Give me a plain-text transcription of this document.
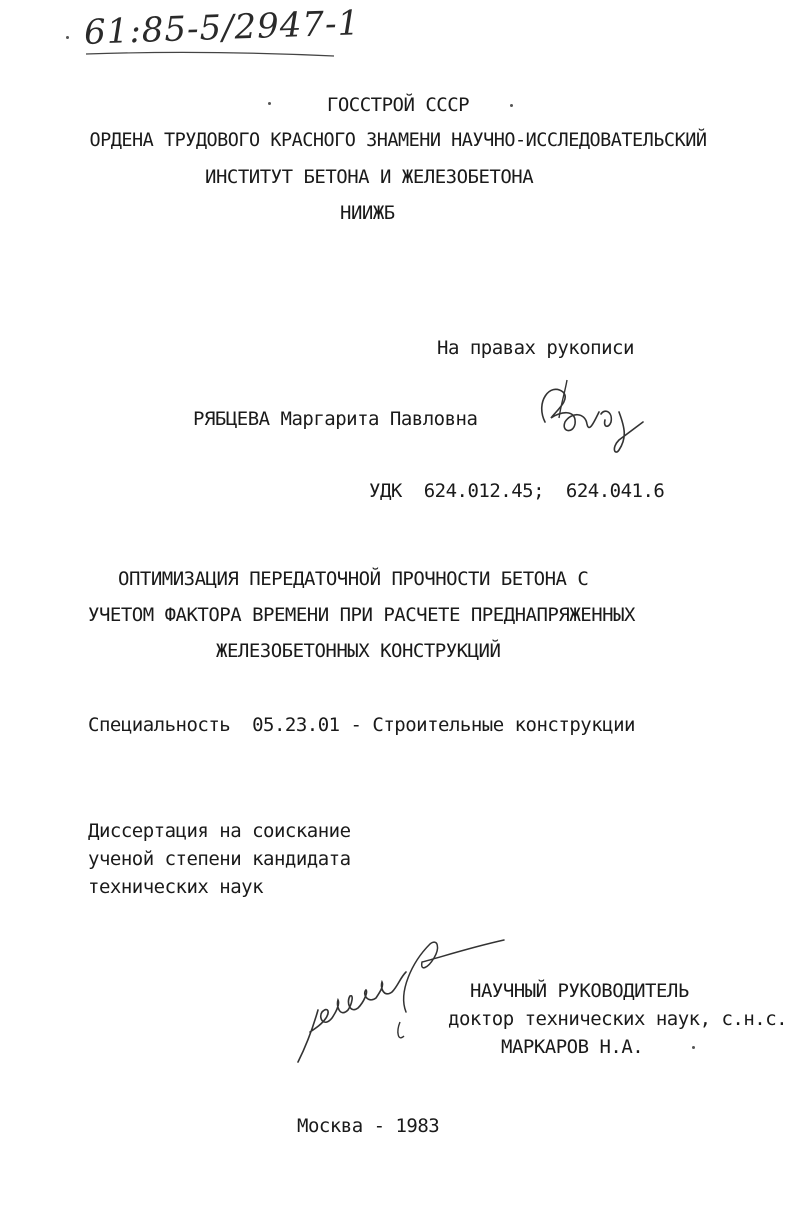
61:85-5/2947-1
ГОССТРОЙ СССР
ОРДЕНА ТРУДОВОГО КРАСНОГО ЗНАМЕНИ НАУЧНО-ИССЛЕДОВАТЕЛЬСКИЙ
ИНСТИТУТ БЕТОНА И ЖЕЛЕЗОБЕТОНА
НИИЖБ
На правах рукописи
РЯБЦЕВА Маргарита Павловна
УДК  624.012.45;  624.041.6
ОПТИМИЗАЦИЯ ПЕРЕДАТОЧНОЙ ПРОЧНОСТИ БЕТОНА С
УЧЕТОМ ФАКТОРА ВРЕМЕНИ ПРИ РАСЧЕТЕ ПРЕДНАПРЯЖЕННЫХ
ЖЕЛЕЗОБЕТОННЫХ КОНСТРУКЦИЙ
Специальность  05.23.01 - Строительные конструкции
Диссертация на соискание
ученой степени кандидата
технических наук
НАУЧНЫЙ РУКОВОДИТЕЛЬ
доктор технических наук, с.н.с.
МАРКАРОВ Н.А.
Москва - 1983
